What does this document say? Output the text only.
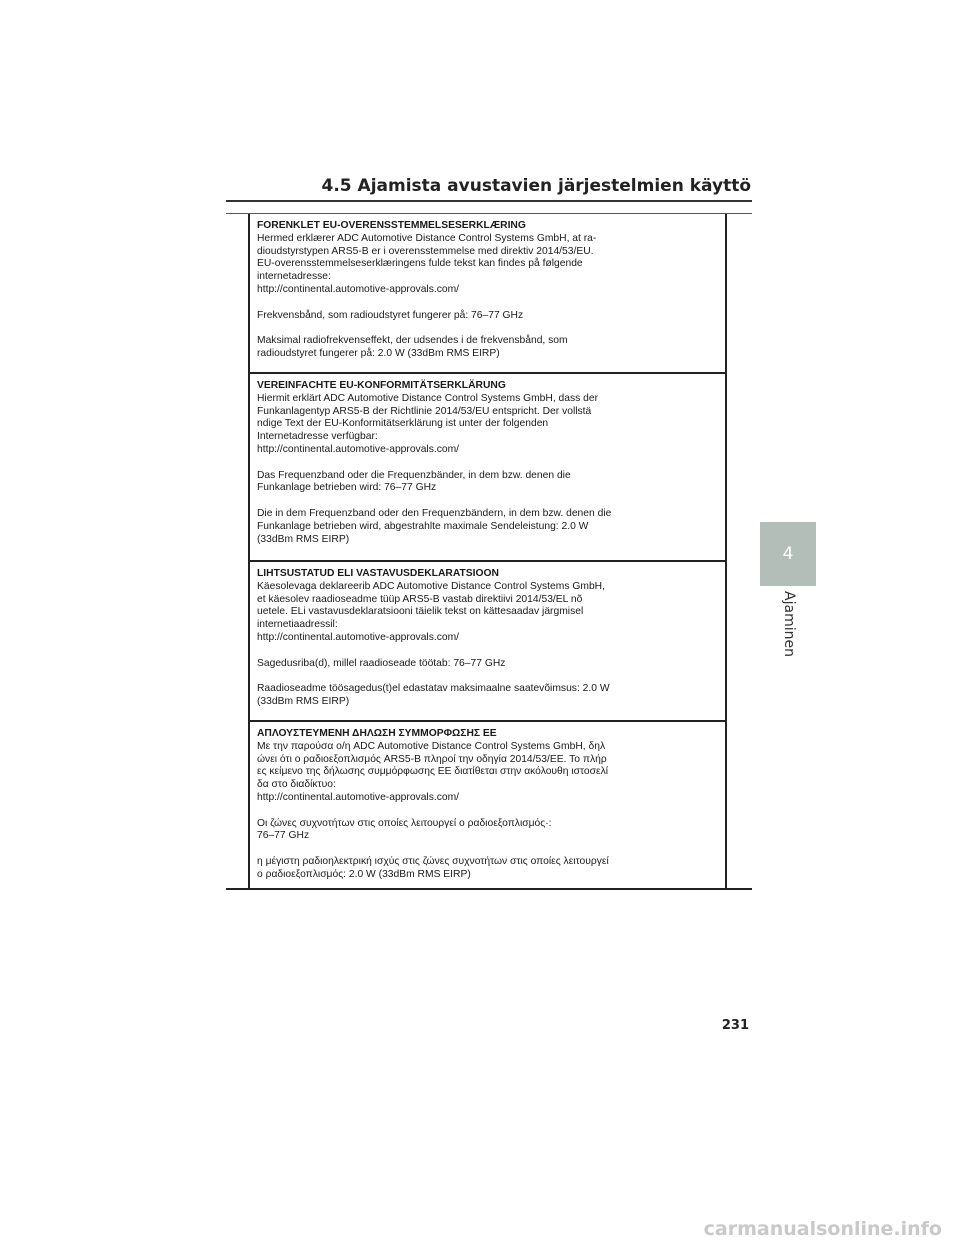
4.5 Ajamista avustavien järjestelmien käyttö
FORENKLET EU-OVERENSSTEMMELSESERKLÆRING
Hermed erklærer ADC Automotive Distance Control Systems GmbH, at ra-
dioudstyrstypen ARS5-B er i overensstemmelse med direktiv 2014/53/EU.
EU-overensstemmelseserklæringens fulde tekst kan findes på følgende
internetadresse:
http://continental.automotive-approvals.com/
Frekvensbånd, som radioudstyret fungerer på: 76–77 GHz
Maksimal radiofrekvenseffekt, der udsendes i de frekvensbånd, som
radioudstyret fungerer på: 2.0 W (33dBm RMS EIRP)
VEREINFACHTE EU-KONFORMITÄTSERKLÄRUNG
Hiermit erklärt ADC Automotive Distance Control Systems GmbH, dass der
Funkanlagentyp ARS5-B der Richtlinie 2014/53/EU entspricht. Der vollstä
ndige Text der EU-Konformitätserklärung ist unter der folgenden
Internetadresse verfügbar:
http://continental.automotive-approvals.com/
Das Frequenzband oder die Frequenzbänder, in dem bzw. denen die
Funkanlage betrieben wird: 76–77 GHz
Die in dem Frequenzband oder den Frequenzbändern, in dem bzw. denen die
Funkanlage betrieben wird, abgestrahlte maximale Sendeleistung: 2.0 W
(33dBm RMS EIRP)
LIHTSUSTATUD ELI VASTAVUSDEKLARATSIOON
Käesolevaga deklareerib ADC Automotive Distance Control Systems GmbH,
et käesolev raadioseadme tüüp ARS5-B vastab direktiivi 2014/53/EL nõ
uetele. ELi vastavusdeklaratsiooni täielik tekst on kättesaadav järgmisel
internetiaadressil:
http://continental.automotive-approvals.com/
Sagedusriba(d), millel raadioseade töötab: 76–77 GHz
Raadioseadme töösagedus(t)el edastatav maksimaalne saatevõimsus: 2.0 W
(33dBm RMS EIRP)
ΑΠΛΟΥΣΤΕΥΜΕΝΗ ΔΗΛΩΣΗ ΣΥΜΜΟΡΦΩΣΗΣ ΕΕ
Με την παρούσα ο/η ADC Automotive Distance Control Systems GmbH, δηλ
ώνει ότι ο ραδιοεξοπλισμός ARS5-B πληροί την οδηγία 2014/53/ΕΕ. Το πλήρ
ες κείμενο της δήλωσης συμμόρφωσης ΕΕ διατίθεται στην ακόλουθη ιστοσελί
δα στο διαδίκτυο:
http://continental.automotive-approvals.com/
Οι ζώνες συχνοτήτων στις οποίες λειτουργεί ο ραδιοεξοπλισμός·:
76–77 GHz
η μέγιστη ραδιοηλεκτρική ισχύς στις ζώνες συχνοτήτων στις οποίες λειτουργεί
ο ραδιοεξοπλισμός: 2.0 W (33dBm RMS EIRP)
4
Ajaminen
231
carmanualsonline.info
